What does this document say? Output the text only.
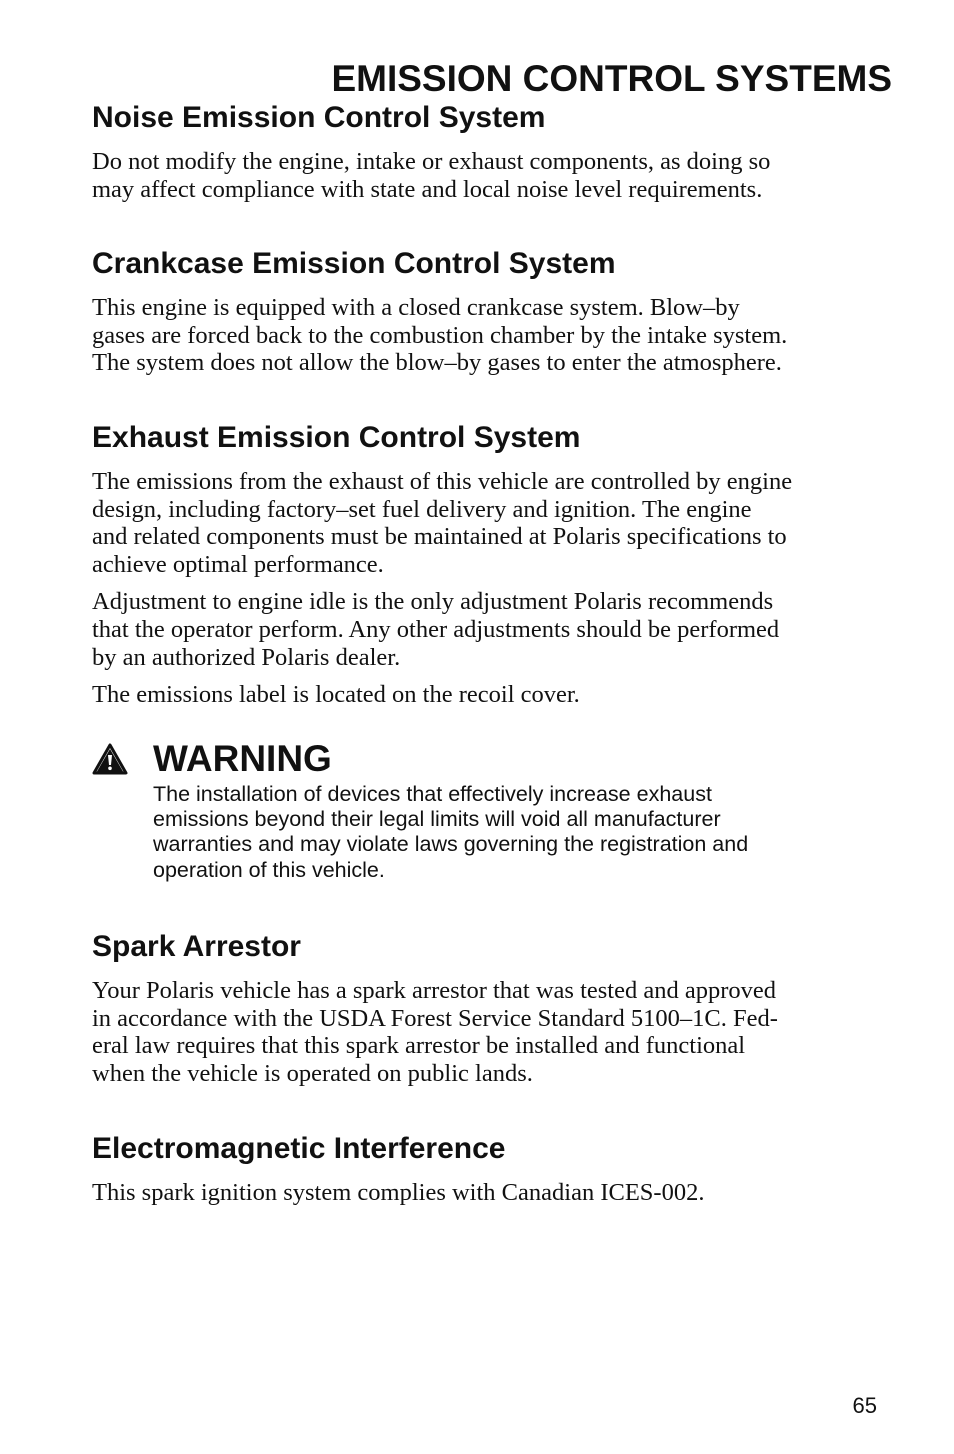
EMISSION CONTROL SYSTEMS
Noise Emission Control System

Do not modify the engine, intake or exhaust components, as doing so
may affect compliance with state and local noise level requirements.

Crankcase Emission Control System

This engine is equipped with a closed crankcase system. Blow–by
gases are forced back to the combustion chamber by the intake system.
The system does not allow the blow–by gases to enter the atmosphere.

Exhaust Emission Control System

The emissions from the exhaust of this vehicle are controlled by engine
design, including factory–set fuel delivery and ignition. The engine
and related components must be maintained at Polaris specifications to
achieve optimal performance.

Adjustment to engine idle is the only adjustment Polaris recommends
that the operator perform. Any other adjustments should be performed
by an authorized Polaris dealer.

The emissions label is located on the recoil cover.

WARNING
The installation of devices that effectively increase exhaust
emissions beyond their legal limits will void all manufacturer
warranties and may violate laws governing the registration and
operation of this vehicle.
Spark Arrestor

Your Polaris vehicle has a spark arrestor that was tested and approved
in accordance with the USDA Forest Service Standard 5100–1C. Fed-
eral law requires that this spark arrestor be installed and functional
when the vehicle is operated on public lands.

Electromagnetic Interference

This spark ignition system complies with Canadian ICES-002.

65
